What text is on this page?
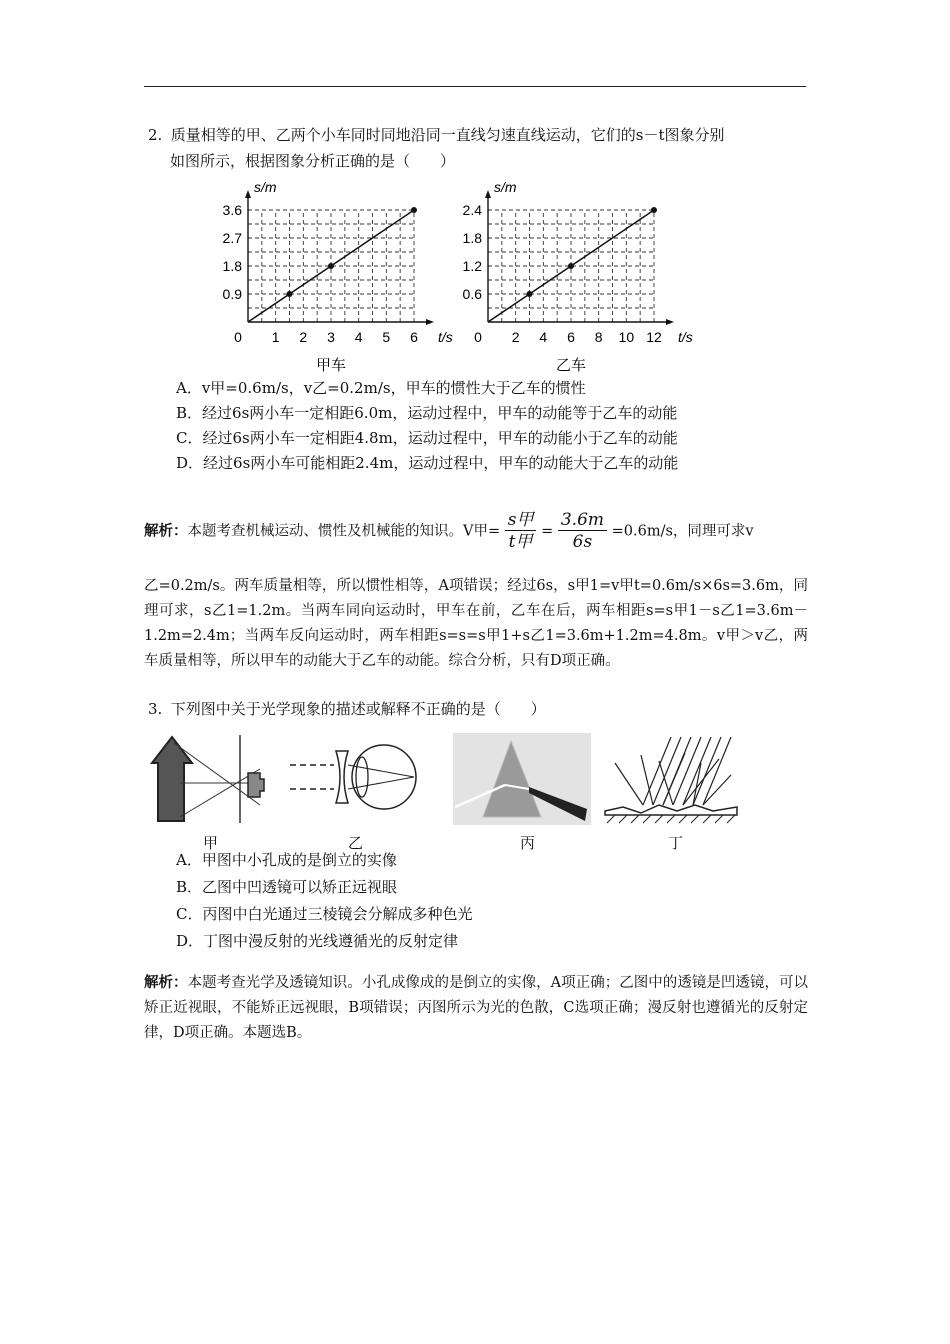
2. 质量相等的甲、乙两个小车同时同地沿同一直线匀速直线运动，它们的s－t图象分别
如图所示，根据图象分析正确的是（　　）
0 1 2 3 4 5 6
0.9
1.8
2.7
3.6
t/s
s/m
甲车
0 2 4 6 8 10 12
0.6
1.2
1.8
2.4
t/s
s/m
乙车
A．v甲=0.6m/s，v乙=0.2m/s，甲车的惯性大于乙车的惯性
B．经过6s两小车一定相距6.0m，运动过程中，甲车的动能等于乙车的动能
C．经过6s两小车一定相距4.8m，运动过程中，甲车的动能小于乙车的动能
D．经过6s两小车可能相距2.4m，运动过程中，甲车的动能大于乙车的动能
解析：本题考查机械运动、惯性及机械能的知识。V甲= $\frac{\text{s甲}}{\text{t甲}} = \frac{3.6m}{6s} =0.6m/s$，同理可求v
乙=0.2m/s。两车质量相等，所以惯性相等，A项错误；经过6s，s甲1=v甲t=0.6m/s×6s=3.6m，同理可求，s乙1=1.2m。当两车同向运动时，甲车在前，乙车在后，两车相距s=s甲1－s乙1=3.6m－1.2m=2.4m；当两车反向运动时，两车相距s=s=s甲1+s乙1=3.6m+1.2m=4.8m。v甲＞v乙，两车质量相等，所以甲车的动能大于乙车的动能。综合分析，只有D项正确。
3. 下列图中关于光学现象的描述或解释不正确的是（　　）
甲	乙	丙	丁
A．甲图中小孔成的是倒立的实像
B．乙图中凹透镜可以矫正远视眼
C．丙图中白光通过三棱镜会分解成多种色光
D．丁图中漫反射的光线遵循光的反射定律
解析：本题考查光学及透镜知识。小孔成像成的是倒立的实像，A项正确；乙图中的透镜是凹透镜，可以矫正近视眼，不能矫正远视眼，B项错误；丙图所示为光的色散，C选项正确；漫反射也遵循光的反射定律，D项正确。本题选B。
